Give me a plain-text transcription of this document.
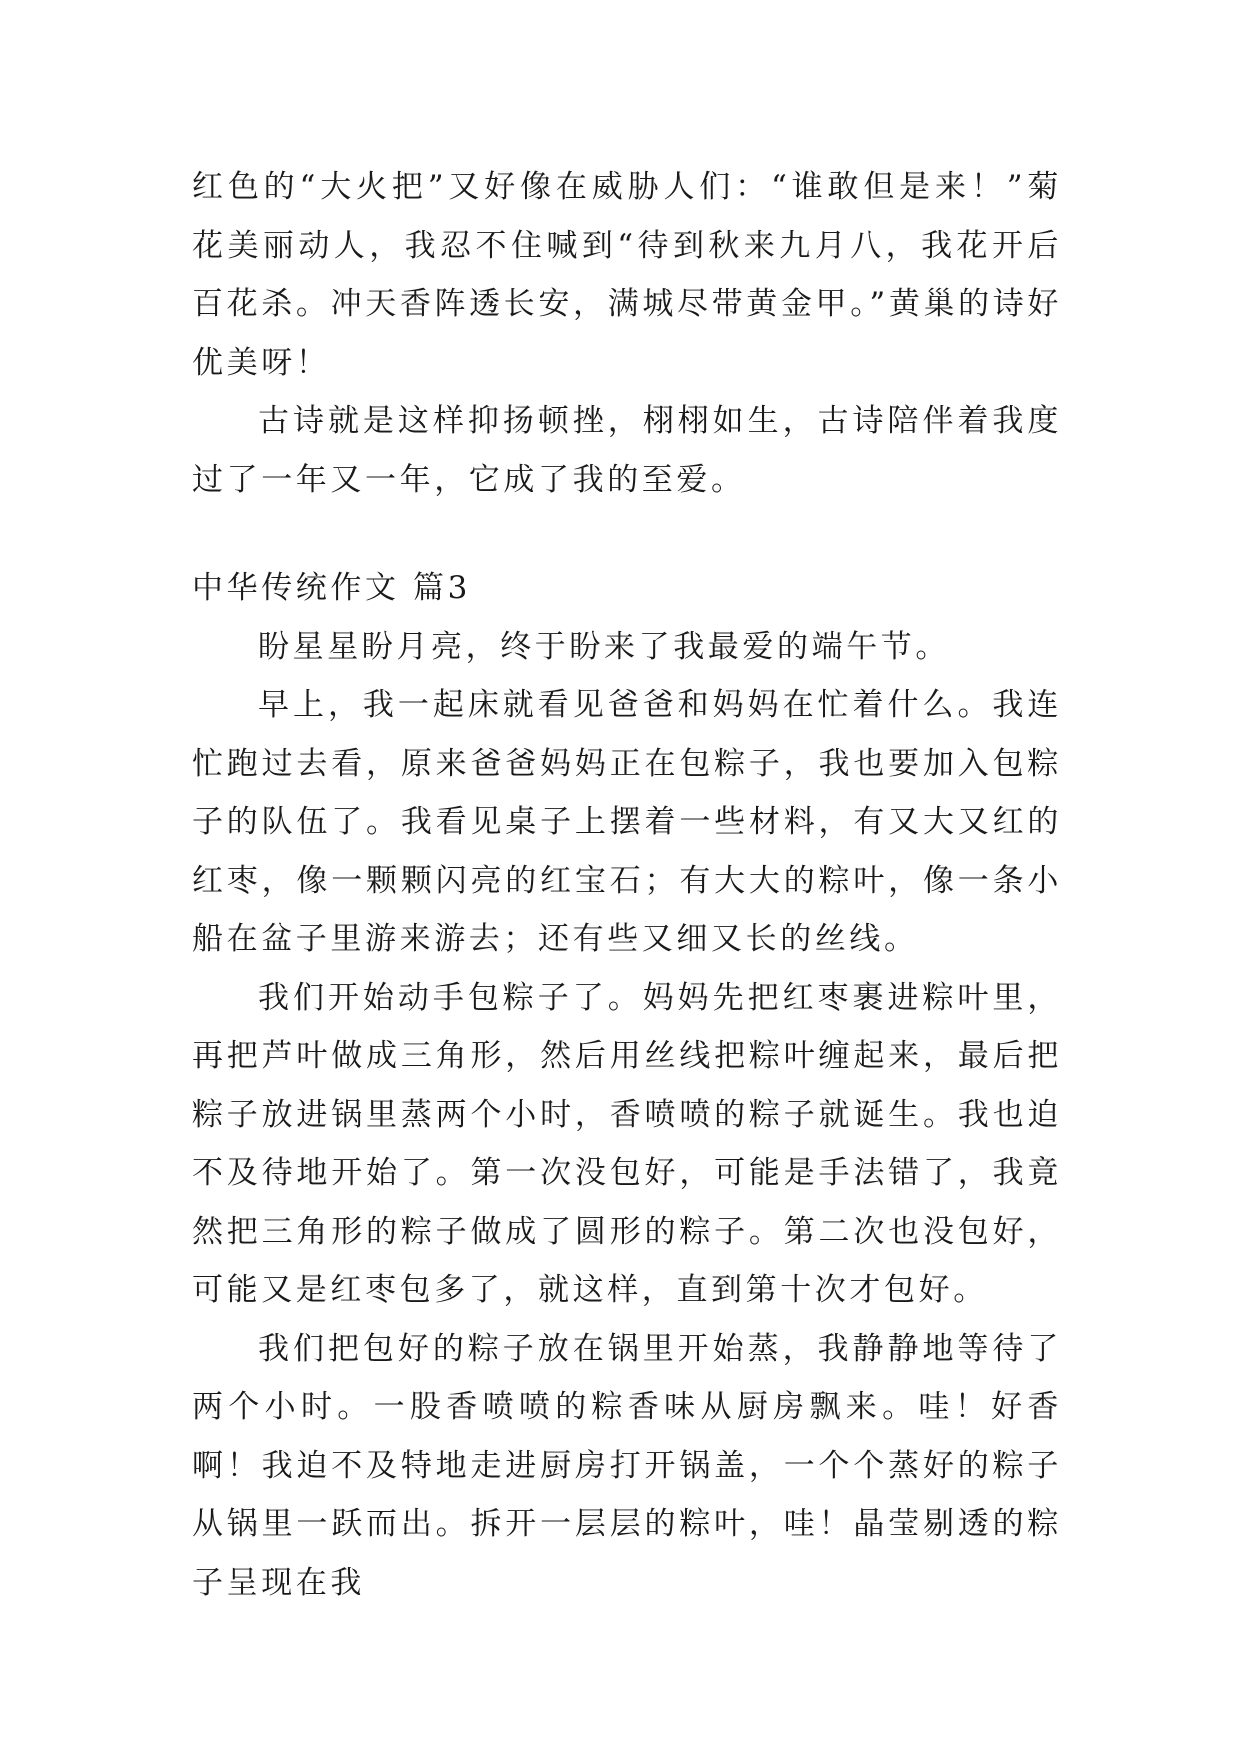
红色的“大火把”又好像在威胁人们：“谁敢但是来！”菊花美丽动人，我忍不住喊到“待到秋来九月八，我花开后百花杀。冲天香阵透长安，满城尽带黄金甲。”黄巢的诗好优美呀！

古诗就是这样抑扬顿挫，栩栩如生，古诗陪伴着我度过了一年又一年，它成了我的至爱。

中华传统作文 篇3

盼星星盼月亮，终于盼来了我最爱的端午节。

早上，我一起床就看见爸爸和妈妈在忙着什么。我连忙跑过去看，原来爸爸妈妈正在包粽子，我也要加入包粽子的队伍了。我看见桌子上摆着一些材料，有又大又红的红枣，像一颗颗闪亮的红宝石；有大大的粽叶，像一条小船在盆子里游来游去；还有些又细又长的丝线。

我们开始动手包粽子了。妈妈先把红枣裹进粽叶里，再把芦叶做成三角形，然后用丝线把粽叶缠起来，最后把粽子放进锅里蒸两个小时，香喷喷的粽子就诞生。我也迫不及待地开始了。第一次没包好，可能是手法错了，我竟然把三角形的粽子做成了圆形的粽子。第二次也没包好，可能又是红枣包多了，就这样，直到第十次才包好。

我们把包好的粽子放在锅里开始蒸，我静静地等待了两个小时。一股香喷喷的粽香味从厨房飘来。哇！好香啊！我迫不及特地走进厨房打开锅盖，一个个蒸好的粽子从锅里一跃而出。拆开一层层的粽叶，哇！晶莹剔透的粽子呈现在我
